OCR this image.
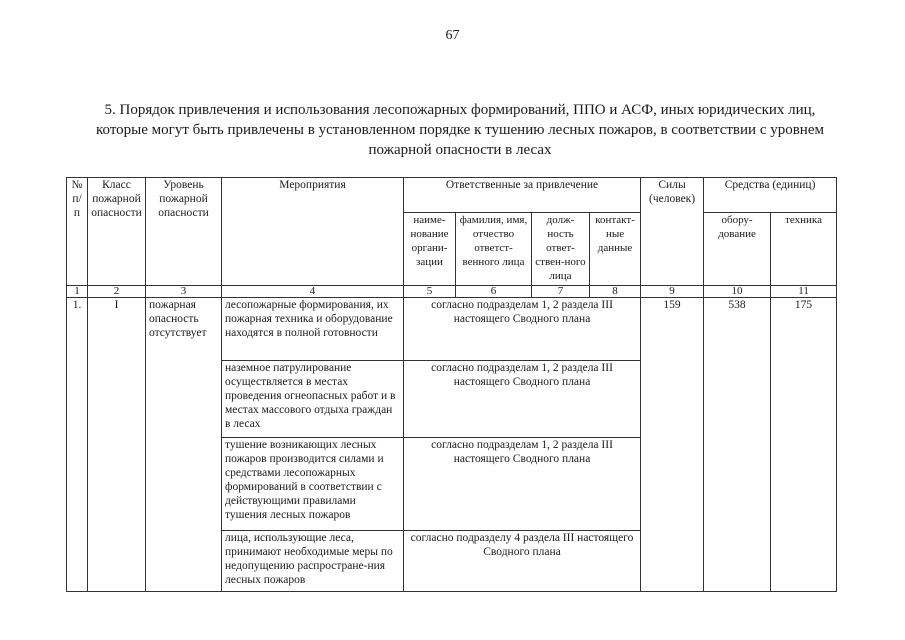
67
5. Порядок привлечения и использования лесопожарных формирований, ППО и АСФ, иных юридических лиц, которые могут быть привлечены в установленном порядке к тушению лесных пожаров, в соответствии с уровнем пожарной опасности в лесах
№ п/п	Класс пожарной опасности	Уровень пожарной опасности	Мероприятия	Ответственные за привлечение				Силы (человек)	Средства (единиц)	
				наиме-нование органи-зации	фамилия, имя, отчество ответст-венного лица	долж-ность ответ-ствен-ного лица	контакт-ные данные		обору-дование	техника
1	2	3	4	5	6	7	8	9	10	11
1.	I	пожарная опасность отсутствует	лесопожарные формирования, их пожарная техника и оборудование находятся в полной готовности	согласно подразделам 1, 2 раздела III настоящего Сводного плана				159	538	175
			наземное патрулирование осуществляется в местах проведения огнеопасных работ и в местах массового отдыха граждан в лесах	согласно подразделам 1, 2 раздела III настоящего Сводного плана						
			тушение возникающих лесных пожаров производится силами и средствами лесопожарных формирований в соответствии с действующими правилами тушения лесных пожаров	согласно подразделам 1, 2 раздела III настоящего Сводного плана						
			лица, использующие леса, принимают необходимые меры по недопущению распростране-ния лесных пожаров	согласно подразделу 4 раздела III настоящего Сводного плана						
